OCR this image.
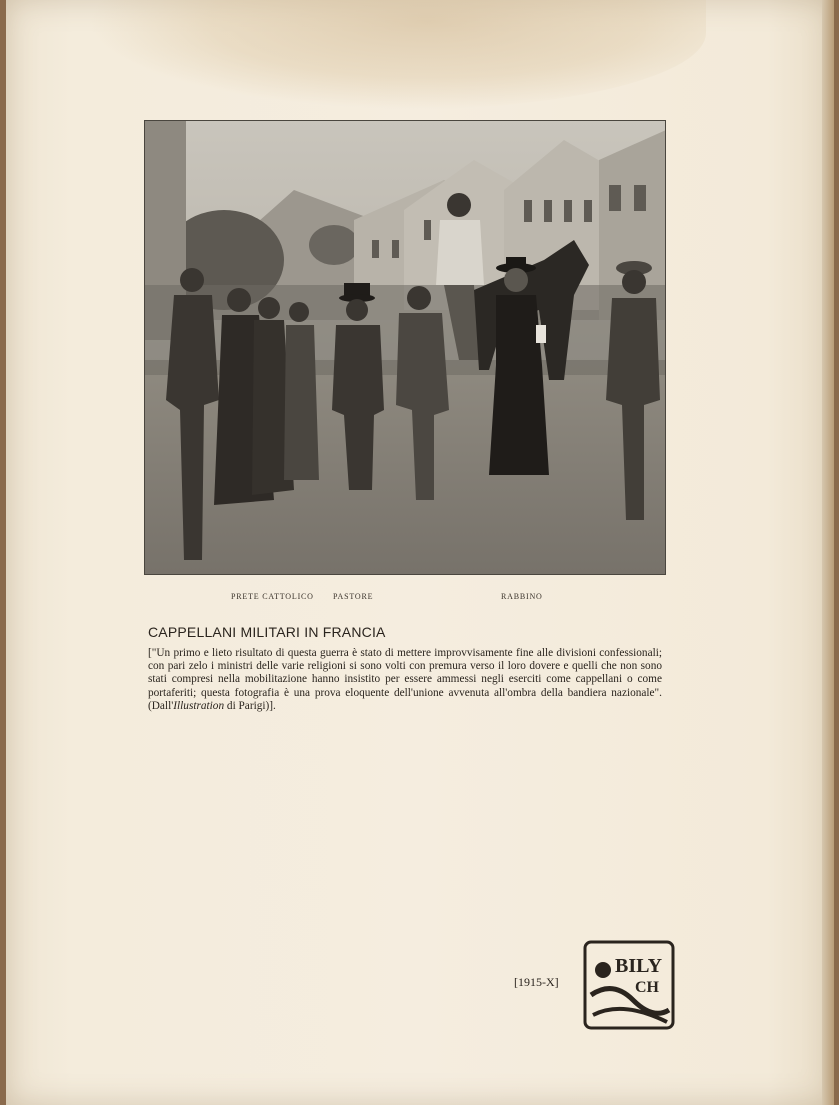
PRETE CATTOLICO PASTORE	RABBINO
CAPPELLANI MILITARI IN FRANCIA

["Un primo e lieto risultato di questa guerra è stato di mettere improvvisamente fine alle divisioni confessionali; con pari zelo i ministri delle varie religioni si sono volti con premura verso il loro dovere e quelli che non sono stati compresi nella mobilitazione hanno insistito per essere ammessi negli eserciti come cappellani o come portaferiti; questa fotografia è una prova eloquente dell'unione avvenuta all'ombra della bandiera nazionale". (Dall'Illustration di Parigi)].

[1915-X]
BILY
CH
